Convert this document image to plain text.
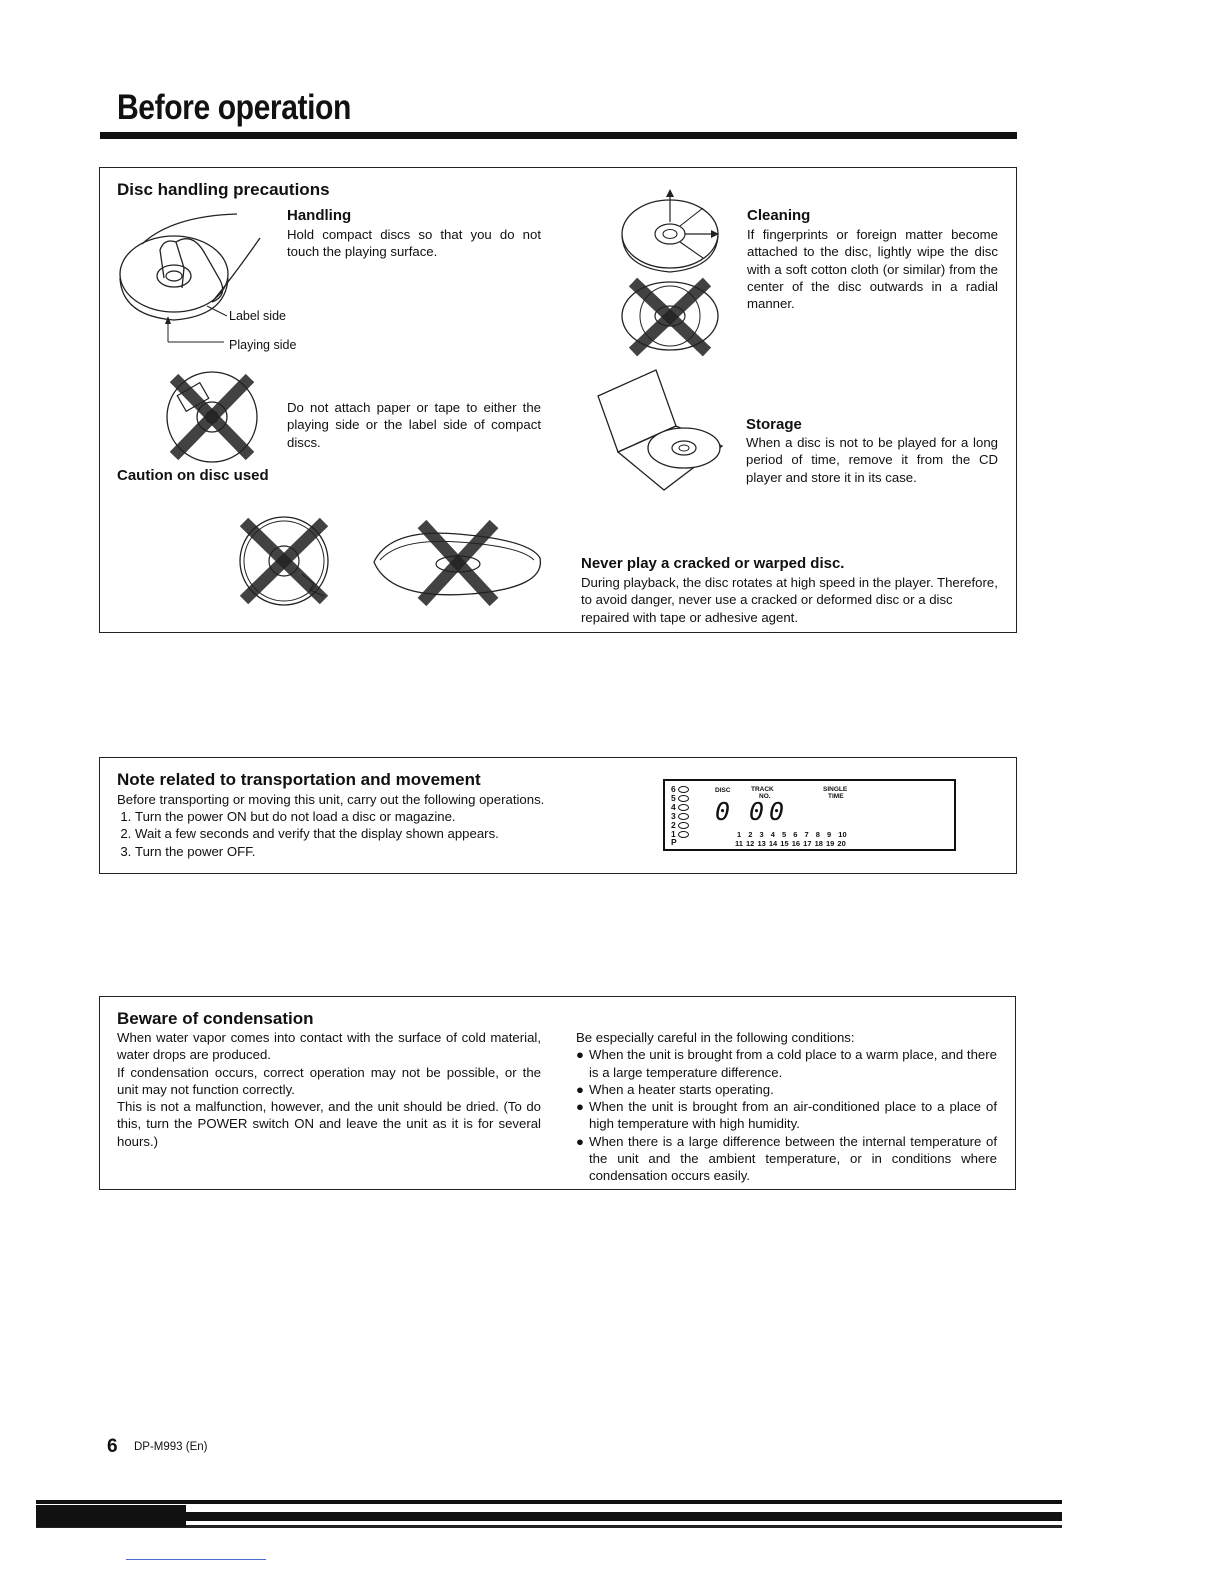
Before operation
Disc handling precautions
Label side
Playing side
Handling
Hold compact discs so that you do not touch the playing surface.
Do not attach paper or tape to either the playing side or the label side of compact discs.
Caution on disc used
Cleaning
If fingerprints or foreign matter become attached to the disc, lightly wipe the disc with a soft cotton cloth (or similar) from the center of the disc outwards in a radial manner.
Storage
When a disc is not to be played for a long period of time, remove it from the CD player and store it in its case.
Never play a cracked or warped disc.
During playback, the disc rotates at high speed in the player. Therefore, to avoid danger, never use a cracked or deformed disc or a disc repaired with tape or adhesive agent.
Note related to transportation and movement
Before transporting or moving this unit, carry out the following operations.
1. Turn the power ON but do not load a disc or magazine.
2. Wait a few seconds and verify that the display shown appears.
3. Turn the power OFF.
6
5
4
3
2
1
P
DISC	TRACK
NO.
SINGLE
TIME
0 0 0
1 2 3 4 5 6 7 8 9 10
11 12 13 14 15 16 17 18 19 20
Beware of condensation
When water vapor comes into contact with the surface of cold material, water drops are produced.
If condensation occurs, correct operation may not be possible, or the unit may not function correctly.
This is not a malfunction, however, and the unit should be dried. (To do this, turn the POWER switch ON and leave the unit as it is for several hours.)
Be especially careful in the following conditions:
● When the unit is brought from a cold place to a warm place, and there is a large temperature difference.
● When a heater starts operating.
● When the unit is brought from an air-conditioned place to a place of high temperature with high humidity.
● When there is a large difference between the internal temperature of the unit and the ambient temperature, or in conditions where condensation occurs easily.
6 DP-M993 (En)
